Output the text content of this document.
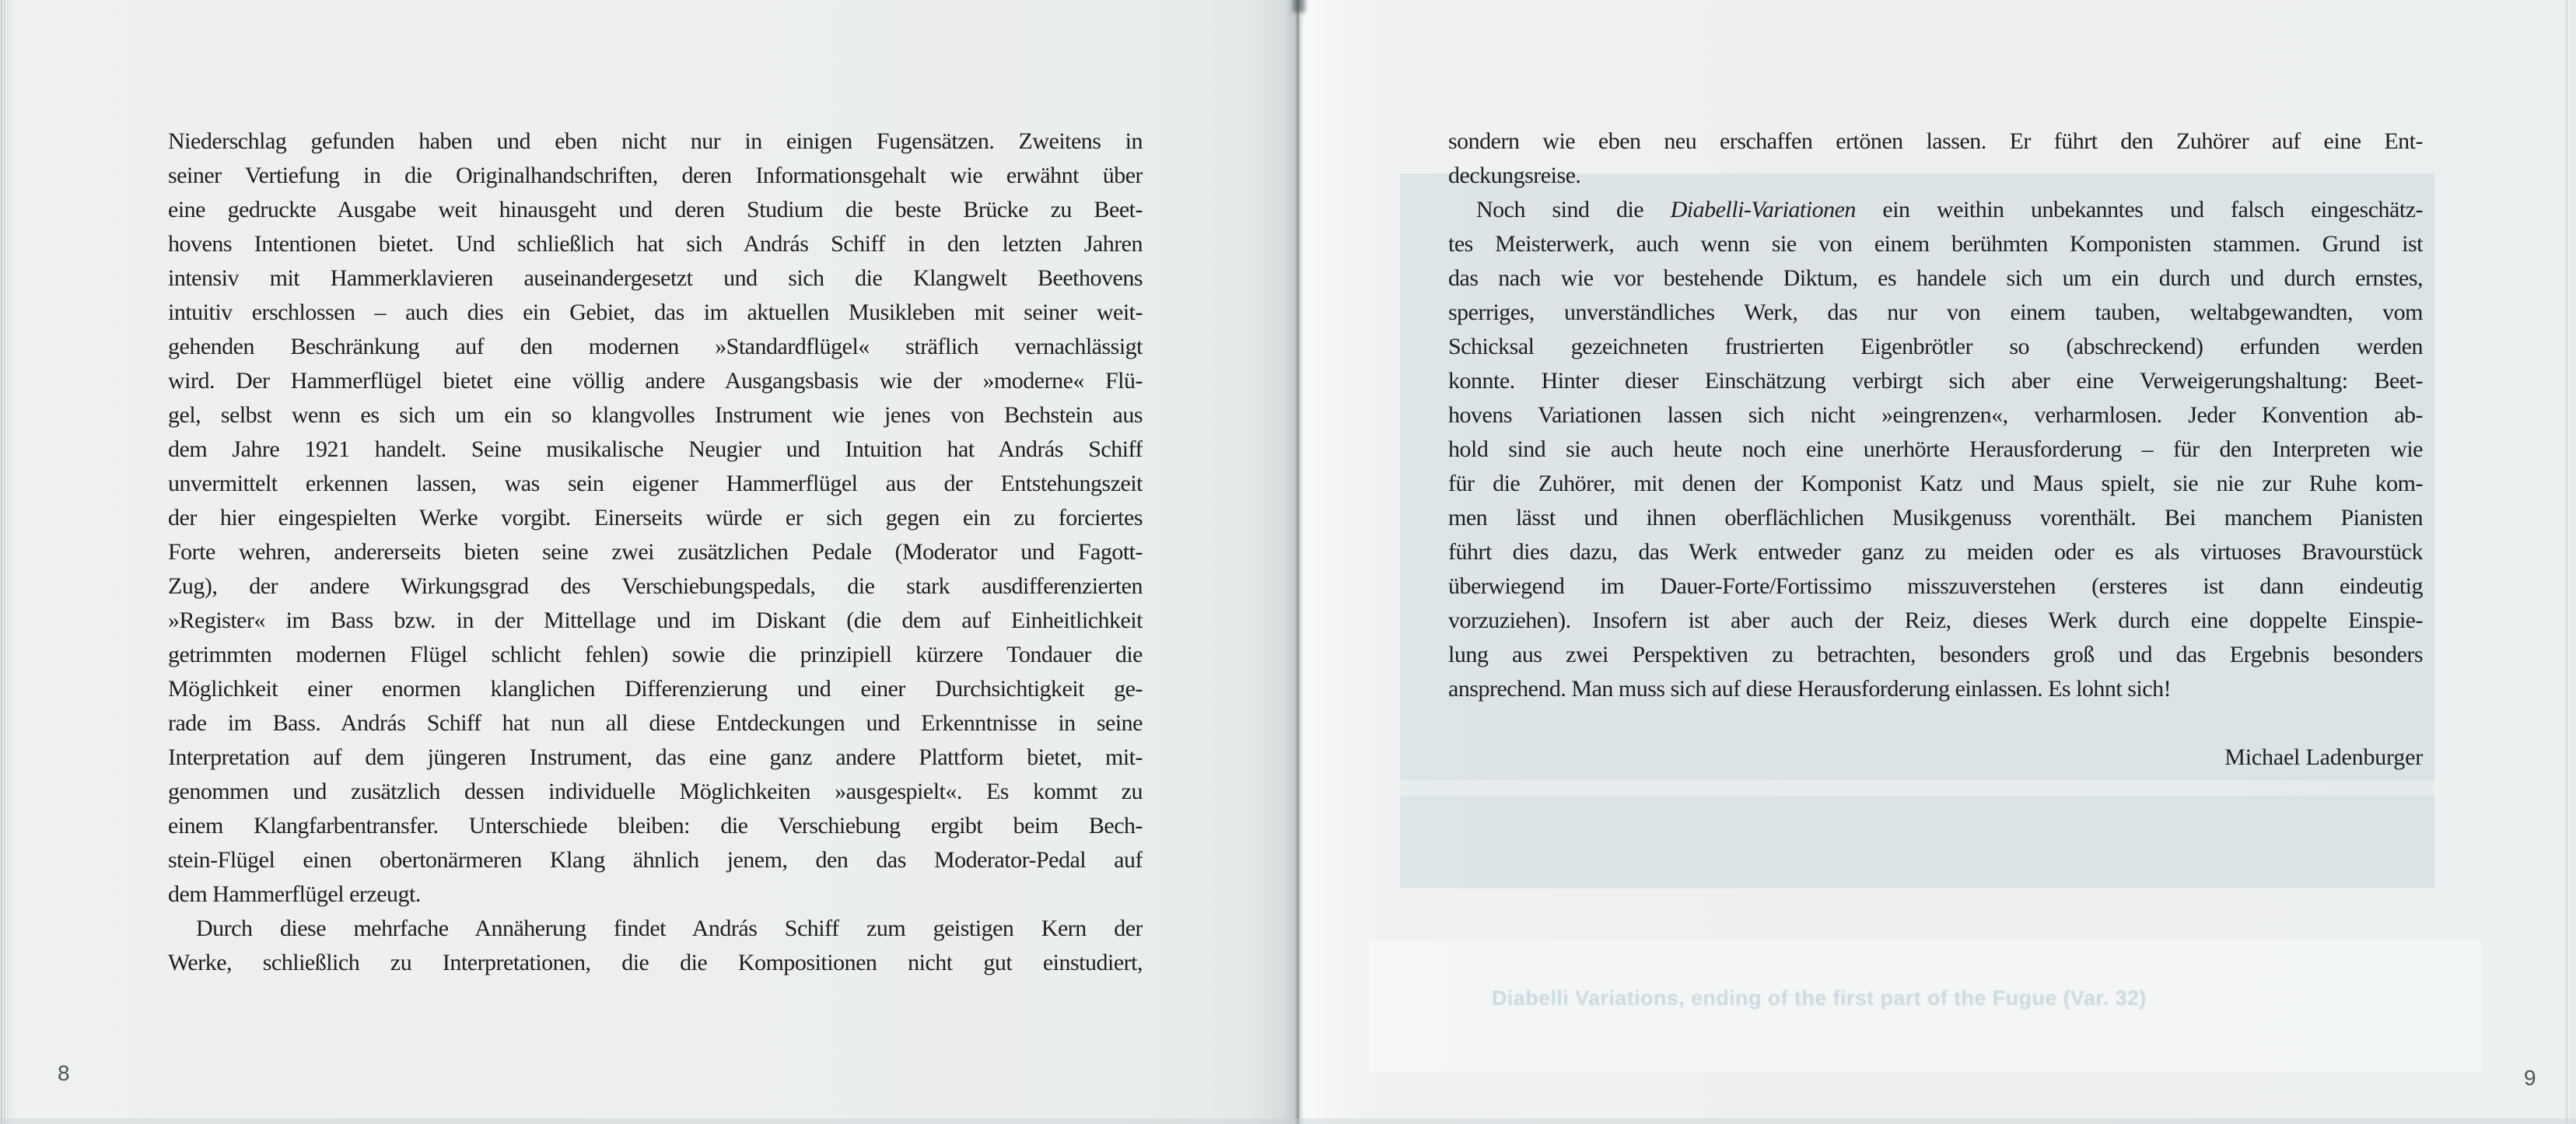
Niederschlag gefunden haben und eben nicht nur in einigen Fugensätzen. Zweitens in
seiner Vertiefung in die Originalhandschriften, deren Informationsgehalt wie erwähnt über
eine gedruckte Ausgabe weit hinausgeht und deren Studium die beste Brücke zu Beet-
hovens Intentionen bietet. Und schließlich hat sich András Schiff in den letzten Jahren
intensiv mit Hammerklavieren auseinandergesetzt und sich die Klangwelt Beethovens
intuitiv erschlossen – auch dies ein Gebiet, das im aktuellen Musikleben mit seiner weit-
gehenden Beschränkung auf den modernen »Standardflügel« sträflich vernachlässigt
wird. Der Hammerflügel bietet eine völlig andere Ausgangsbasis wie der »moderne« Flü-
gel, selbst wenn es sich um ein so klangvolles Instrument wie jenes von Bechstein aus
dem Jahre 1921 handelt. Seine musikalische Neugier und Intuition hat András Schiff
unvermittelt erkennen lassen, was sein eigener Hammerflügel aus der Entstehungszeit
der hier eingespielten Werke vorgibt. Einerseits würde er sich gegen ein zu forciertes
Forte wehren, andererseits bieten seine zwei zusätzlichen Pedale (Moderator und Fagott-
Zug), der andere Wirkungsgrad des Verschiebungspedals, die stark ausdifferenzierten
»Register« im Bass bzw. in der Mittellage und im Diskant (die dem auf Einheitlichkeit
getrimmten modernen Flügel schlicht fehlen) sowie die prinzipiell kürzere Tondauer die
Möglichkeit einer enormen klanglichen Differenzierung und einer Durchsichtigkeit ge-
rade im Bass. András Schiff hat nun all diese Entdeckungen und Erkenntnisse in seine
Interpretation auf dem jüngeren Instrument, das eine ganz andere Plattform bietet, mit-
genommen und zusätzlich dessen individuelle Möglichkeiten »ausgespielt«. Es kommt zu
einem Klangfarbentransfer. Unterschiede bleiben: die Verschiebung ergibt beim Bech-
stein-Flügel einen obertonärmeren Klang ähnlich jenem, den das Moderator-Pedal auf
dem Hammerflügel erzeugt.
Durch diese mehrfache Annäherung findet András Schiff zum geistigen Kern der
Werke, schließlich zu Interpretationen, die die Kompositionen nicht gut einstudiert,
8
sondern wie eben neu erschaffen ertönen lassen. Er führt den Zuhörer auf eine Ent-
deckungsreise.
Noch sind die Diabelli-Variationen ein weithin unbekanntes und falsch eingeschätz-
tes Meisterwerk, auch wenn sie von einem berühmten Komponisten stammen. Grund ist
das nach wie vor bestehende Diktum, es handele sich um ein durch und durch ernstes,
sperriges, unverständliches Werk, das nur von einem tauben, weltabgewandten, vom
Schicksal gezeichneten frustrierten Eigenbrötler so (abschreckend) erfunden werden
konnte. Hinter dieser Einschätzung verbirgt sich aber eine Verweigerungshaltung: Beet-
hovens Variationen lassen sich nicht »eingrenzen«, verharmlosen. Jeder Konvention ab-
hold sind sie auch heute noch eine unerhörte Herausforderung – für den Interpreten wie
für die Zuhörer, mit denen der Komponist Katz und Maus spielt, sie nie zur Ruhe kom-
men lässt und ihnen oberflächlichen Musikgenuss vorenthält. Bei manchem Pianisten
führt dies dazu, das Werk entweder ganz zu meiden oder es als virtuoses Bravourstück
überwiegend im Dauer-Forte/Fortissimo misszuverstehen (ersteres ist dann eindeutig
vorzuziehen). Insofern ist aber auch der Reiz, dieses Werk durch eine doppelte Einspie-
lung aus zwei Perspektiven zu betrachten, besonders groß und das Ergebnis besonders
ansprechend. Man muss sich auf diese Herausforderung einlassen. Es lohnt sich!
Michael Ladenburger
Diabelli Variations, ending of the first part of the Fugue (Var. 32)
9
